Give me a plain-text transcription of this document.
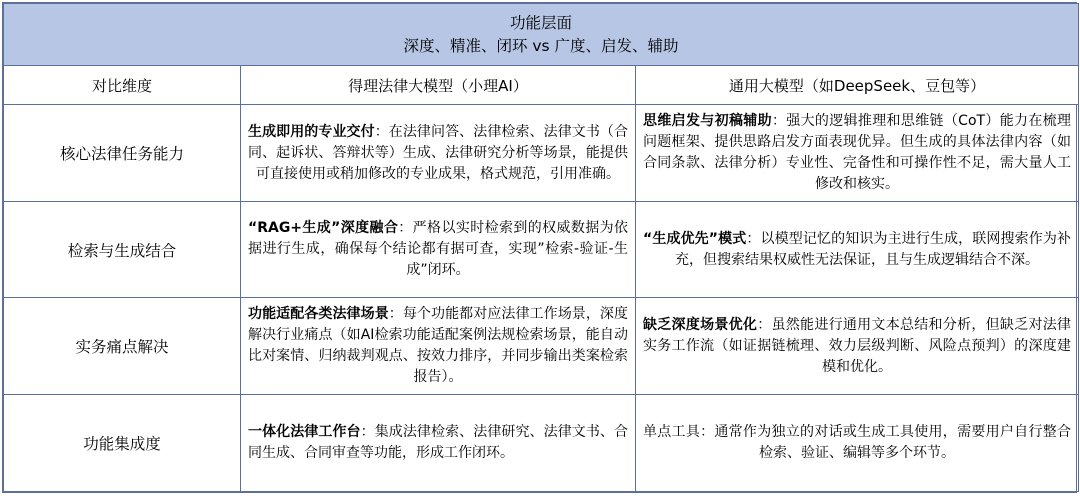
功能层面
深度、精准、闭环 vs 广度、启发、辅助		

对比维度	得理法律大模型（小理AI）	通用大模型（如DeepSeek、豆包等）
核心法律任务能力	生成即用的专业交付：在法律问答、法律检索、法律文书（合同、起诉状、答辩状等）生成、法律研究分析等场景，能提供可直接使用或稍加修改的专业成果，格式规范，引用准确。	思维启发与初稿辅助：强大的逻辑推理和思维链（CoT）能力在梳理问题框架、提供思路启发方面表现优异。但生成的具体法律内容（如合同条款、法律分析）专业性、完备性和可操作性不足，需大量人工修改和核实。
检索与生成结合	“RAG+生成”深度融合：严格以实时检索到的权威数据为依据进行生成，确保每个结论都有据可查，实现”检索-验证-生成”闭环。	“生成优先”模式：以模型记忆的知识为主进行生成，联网搜索作为补充，但搜索结果权威性无法保证，且与生成逻辑结合不深。
实务痛点解决	功能适配各类法律场景：每个功能都对应法律工作场景，深度解决行业痛点（如AI检索功能适配案例法规检索场景，能自动比对案情、归纳裁判观点、按效力排序，并同步输出类案检索报告）。	缺乏深度场景优化：虽然能进行通用文本总结和分析，但缺乏对法律实务工作流（如证据链梳理、效力层级判断、风险点预判）的深度建模和优化。
功能集成度	一体化法律工作台：集成法律检索、法律研究、法律文书、合同生成、合同审查等功能，形成工作闭环。	单点工具：通常作为独立的对话或生成工具使用，需要用户自行整合检索、验证、编辑等多个环节。
